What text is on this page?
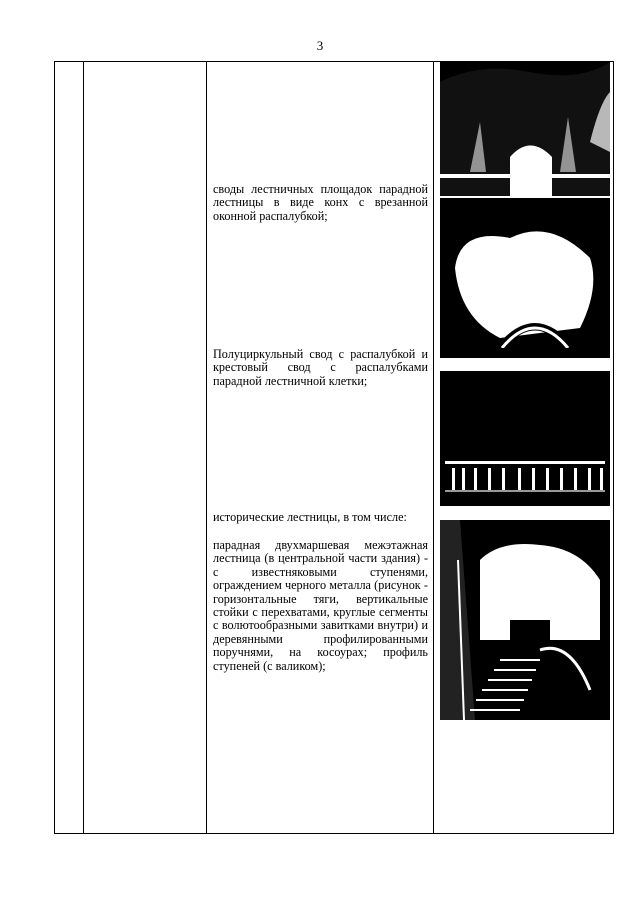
3
своды лестничных площадок парадной лестницы в виде конх с врезанной оконной распалубкой;
Полуциркульный свод с распалубкой и крестовый свод с распалубками парадной лестничной клетки;
исторические лестницы, в том числе:
парадная двухмаршевая межэтажная лестница (в центральной части здания) - с известняковыми ступенями, ограждением черного металла (рисунок - горизонтальные тяги, вертикальные стойки с перехватами, круглые сегменты с волютообразными завитками внутри) и деревянными профилированными поручнями, на косоурах; профиль ступеней (с валиком);
